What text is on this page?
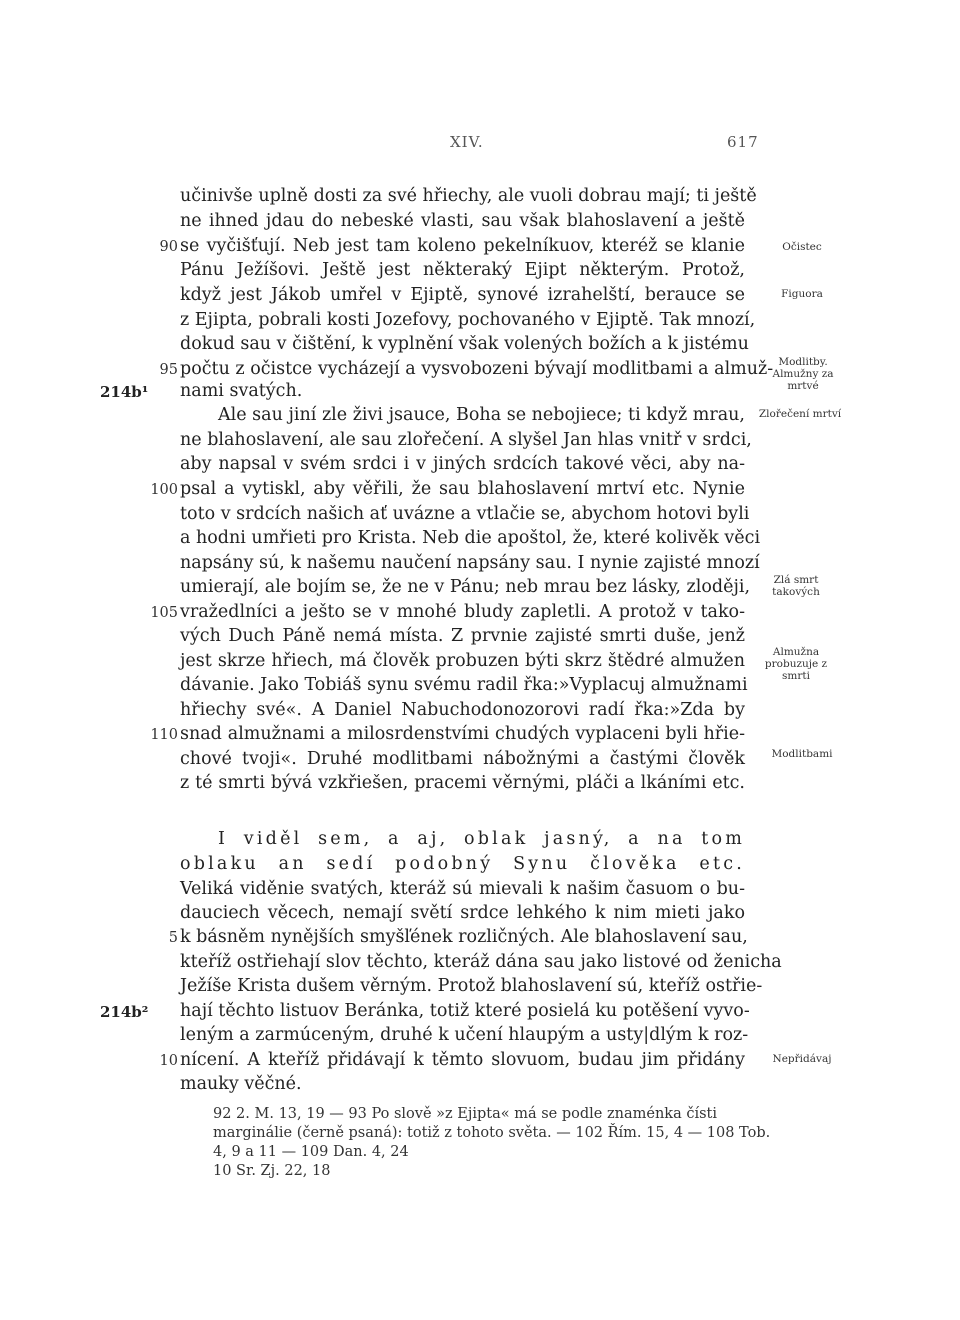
XIV.	617
učinivše uplně dosti za své hřiechy, ale vuoli dobrau mají; ti ještě
ne ihned jdau do nebeské vlasti, sau však blahoslavení a ještě
se vyčišťují. Neb jest tam koleno pekelníkuov, kteréž se klanie
Pánu Ježíšovi. Ještě jest některaký Ejipt některým. Protož,
když jest Jákob umřel v Ejiptě, synové izrahelští, berauce se
z Ejipta, pobrali kosti Jozefovy, pochovaného v Ejiptě. Tak mnozí,
dokud sau v čištění, k vyplnění však volených božích a k jistému
počtu z očistce vycházejí a vysvobozeni bývají modlitbami a almuž-
nami svatých.
Ale sau jiní zle živi jsauce, Boha se nebojiece; ti když mrau,
ne blahoslavení, ale sau zlořečení. A slyšel Jan hlas vnitř v srdci,
aby napsal v svém srdci i v jiných srdcích takové věci, aby na-
psal a vytiskl, aby věřili, že sau blahoslavení mrtví etc. Nynie
toto v srdcích našich ať uvázne a vtlačie se, abychom hotovi byli
a hodni umřieti pro Krista. Neb die apoštol, že, které kolivěk věci
napsány sú, k našemu naučení napsány sau. I nynie zajisté mnozí
umierají, ale bojím se, že ne v Pánu; neb mrau bez lásky, zloději,
vražedlníci a ješto se v mnohé bludy zapletli. A protož v tako-
vých Duch Páně nemá místa. Z prvnie zajisté smrti duše, jenž
jest skrze hřiech, má člověk probuzen býti skrz štědré almužen
dávanie. Jako Tobiáš synu svému radil řka:»Vyplacuj almužnami
hřiechy své«. A Daniel Nabuchodonozorovi radí řka:»Zda by
snad almužnami a milosrdenstvími chudých vyplaceni byli hřie-
chové tvoji«. Druhé modlitbami nábožnými a častými člověk
z té smrti bývá vzkřiešen, pracemi věrnými, pláči a lkáními etc.
I viděl sem, a aj, oblak jasný, a na tom
oblaku an sedí podobný Synu člověka etc.
Veliká viděnie svatých, kteráž sú mievali k našim časuom o bu-
dauciech věcech, nemají světí srdce lehkého k nim mieti jako
k básněm nynějších smyšľének rozličných. Ale blahoslavení sau,
kteříž ostřiehají slov těchto, kteráž dána sau jako listové od ženicha
Ježíše Krista dušem věrným. Protož blahoslavení sú, kteříž ostřie-
hají těchto listuov Beránka, totiž které posielá ku potěšení vyvo-
leným a zarmúceným, druhé k učení hlaupým a usty|dlým k roz-
nícení. A kteříž přidávají k těmto slovuom, budau jim přidány
mauky věčné.
90
95
100
105
110
5
10
214b¹
214b²
Očistec
Figuora
Modlitby. Almužny za mrtvé
Zlořečení mrtví
Zlá smrt takových
Almužna probuzuje z smrti
Modlitbami
Nepřidávaj
92 2. M. 13, 19 — 93 Po slově »z Ejipta« má se podle znaménka čísti
marginálie (černě psaná): totiž z tohoto světa. — 102 Řím. 15, 4 — 108 Tob.
4, 9 a 11 — 109 Dan. 4, 24
10 Sr. Zj. 22, 18
